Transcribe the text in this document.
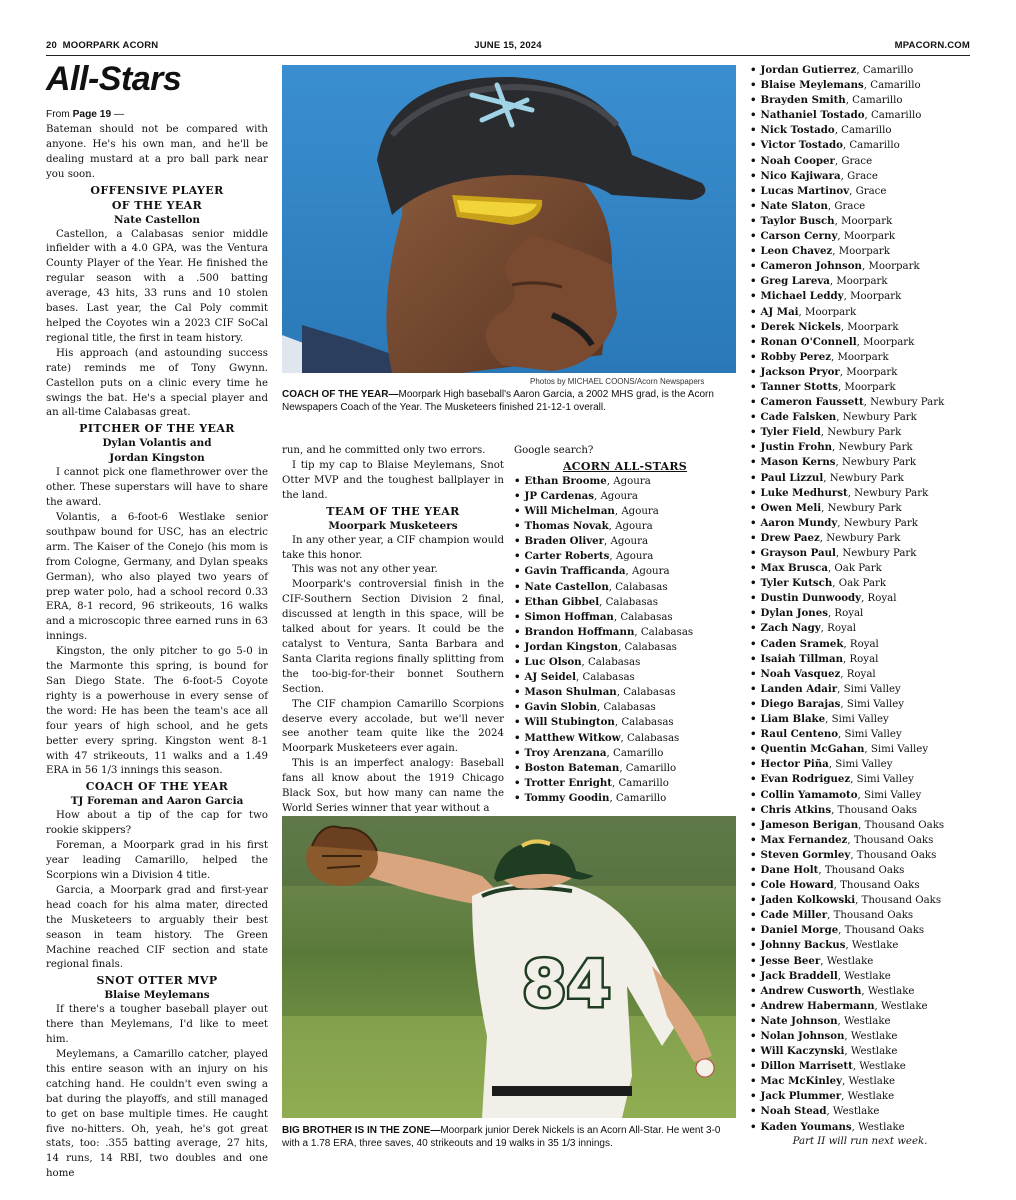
20 MOORPARK ACORN	JUNE 15, 2024	MPACORN.COM
All-Stars
From Page 19 —

Bateman should not be compared with anyone. He's his own man, and he'll be dealing mustard at a pro ball park near you soon.

OFFENSIVE PLAYER
OF THE YEAR
Nate Castellon

Castellon, a Calabasas senior middle infielder with a 4.0 GPA, was the Ventura County Player of the Year. He finished the regular season with a .500 batting average, 43 hits, 33 runs and 10 stolen bases. Last year, the Cal Poly commit helped the Coyotes win a 2023 CIF SoCal regional title, the first in team history.

His approach (and astounding success rate) reminds me of Tony Gwynn. Castellon puts on a clinic every time he swings the bat. He's a special player and an all-time Calabasas great.

PITCHER OF THE YEAR
Dylan Volantis and
Jordan Kingston

I cannot pick one flamethrower over the other. These superstars will have to share the award.

Volantis, a 6-foot-6 Westlake senior southpaw bound for USC, has an electric arm. The Kaiser of the Conejo (his mom is from Cologne, Germany, and Dylan speaks German), who also played two years of prep water polo, had a school record 0.33 ERA, 8-1 record, 96 strikeouts, 16 walks and a microscopic three earned runs in 63 innings.

Kingston, the only pitcher to go 5-0 in the Marmonte this spring, is bound for San Diego State. The 6-foot-5 Coyote righty is a powerhouse in every sense of the word: He has been the team's ace all four years of high school, and he gets better every spring. Kingston went 8-1 with 47 strikeouts, 11 walks and a 1.49 ERA in 56 1/3 innings this season.

COACH OF THE YEAR
TJ Foreman and Aaron Garcia

How about a tip of the cap for two rookie skippers?

Foreman, a Moorpark grad in his first year leading Camarillo, helped the Scorpions win a Division 4 title.

Garcia, a Moorpark grad and first-year head coach for his alma mater, directed the Musketeers to arguably their best season in team history. The Green Machine reached CIF section and state regional finals.

SNOT OTTER MVP
Blaise Meylemans

If there's a tougher baseball player out there than Meylemans, I'd like to meet him.

Meylemans, a Camarillo catcher, played this entire season with an injury on his catching hand. He couldn't even swing a bat during the playoffs, and still managed to get on base multiple times. He caught five no-hitters. Oh, yeah, he's got great stats, too: .355 batting average, 27 hits, 14 runs, 14 RBI, two doubles and one home

Photos by MICHAEL COONS/Acorn Newspapers
COACH OF THE YEAR—Moorpark High baseball's Aaron Garcia, a 2002 MHS grad, is the Acorn Newspapers Coach of the Year. The Musketeers finished 21-12-1 overall.

run, and he committed only two errors.

I tip my cap to Blaise Meylemans, Snot Otter MVP and the toughest ballplayer in the land.

TEAM OF THE YEAR
Moorpark Musketeers

In any other year, a CIF champion would take this honor.

This was not any other year.

Moorpark's controversial finish in the CIF-Southern Section Division 2 final, discussed at length in this space, will be talked about for years. It could be the catalyst to Ventura, Santa Barbara and Santa Clarita regions finally splitting from the too-big-for-their bonnet Southern Section.

The CIF champion Camarillo Scorpions deserve every accolade, but we'll never see another team quite like the 2024 Moorpark Musketeers ever again.

This is an imperfect analogy: Baseball fans all know about the 1919 Chicago Black Sox, but how many can name the World Series winner that year without a

Google search?

ACORN ALL-STARS
• Ethan Broome, Agoura
• JP Cardenas, Agoura
• Will Michelman, Agoura
• Thomas Novak, Agoura
• Braden Oliver, Agoura
• Carter Roberts, Agoura
• Gavin Trafficanda, Agoura
• Nate Castellon, Calabasas
• Ethan Gibbel, Calabasas
• Simon Hoffman, Calabasas
• Brandon Hoffmann, Calabasas
• Jordan Kingston, Calabasas
• Luc Olson, Calabasas
• AJ Seidel, Calabasas
• Mason Shulman, Calabasas
• Gavin Slobin, Calabasas
• Will Stubington, Calabasas
• Matthew Witkow, Calabasas
• Troy Arenzana, Camarillo
• Boston Bateman, Camarillo
• Trotter Enright, Camarillo
• Tommy Goodin, Camarillo
84
BIG BROTHER IS IN THE ZONE—Moorpark junior Derek Nickels is an Acorn All-Star. He went 3-0 with a 1.78 ERA, three saves, 40 strikeouts and 19 walks in 35 1/3 innings.
• Jordan Gutierrez, Camarillo
• Blaise Meylemans, Camarillo
• Brayden Smith, Camarillo
• Nathaniel Tostado, Camarillo
• Nick Tostado, Camarillo
• Victor Tostado, Camarillo
• Noah Cooper, Grace
• Nico Kajiwara, Grace
• Lucas Martinov, Grace
• Nate Slaton, Grace
• Taylor Busch, Moorpark
• Carson Cerny, Moorpark
• Leon Chavez, Moorpark
• Cameron Johnson, Moorpark
• Greg Lareva, Moorpark
• Michael Leddy, Moorpark
• AJ Mai, Moorpark
• Derek Nickels, Moorpark
• Ronan O'Connell, Moorpark
• Robby Perez, Moorpark
• Jackson Pryor, Moorpark
• Tanner Stotts, Moorpark
• Cameron Faussett, Newbury Park
• Cade Falsken, Newbury Park
• Tyler Field, Newbury Park
• Justin Frohn, Newbury Park
• Mason Kerns, Newbury Park
• Paul Lizzul, Newbury Park
• Luke Medhurst, Newbury Park
• Owen Meli, Newbury Park
• Aaron Mundy, Newbury Park
• Drew Paez, Newbury Park
• Grayson Paul, Newbury Park
• Max Brusca, Oak Park
• Tyler Kutsch, Oak Park
• Dustin Dunwoody, Royal
• Dylan Jones, Royal
• Zach Nagy, Royal
• Caden Sramek, Royal
• Isaiah Tillman, Royal
• Noah Vasquez, Royal
• Landen Adair, Simi Valley
• Diego Barajas, Simi Valley
• Liam Blake, Simi Valley
• Raul Centeno, Simi Valley
• Quentin McGahan, Simi Valley
• Hector Piña, Simi Valley
• Evan Rodriguez, Simi Valley
• Collin Yamamoto, Simi Valley
• Chris Atkins, Thousand Oaks
• Jameson Berigan, Thousand Oaks
• Max Fernandez, Thousand Oaks
• Steven Gormley, Thousand Oaks
• Dane Holt, Thousand Oaks
• Cole Howard, Thousand Oaks
• Jaden Kolkowski, Thousand Oaks
• Cade Miller, Thousand Oaks
• Daniel Morge, Thousand Oaks
• Johnny Backus, Westlake
• Jesse Beer, Westlake
• Jack Braddell, Westlake
• Andrew Cusworth, Westlake
• Andrew Habermann, Westlake
• Nate Johnson, Westlake
• Nolan Johnson, Westlake
• Will Kaczynski, Westlake
• Dillon Marrisett, Westlake
• Mac McKinley, Westlake
• Jack Plummer, Westlake
• Noah Stead, Westlake
• Kaden Youmans, Westlake
Part II will run next week.
